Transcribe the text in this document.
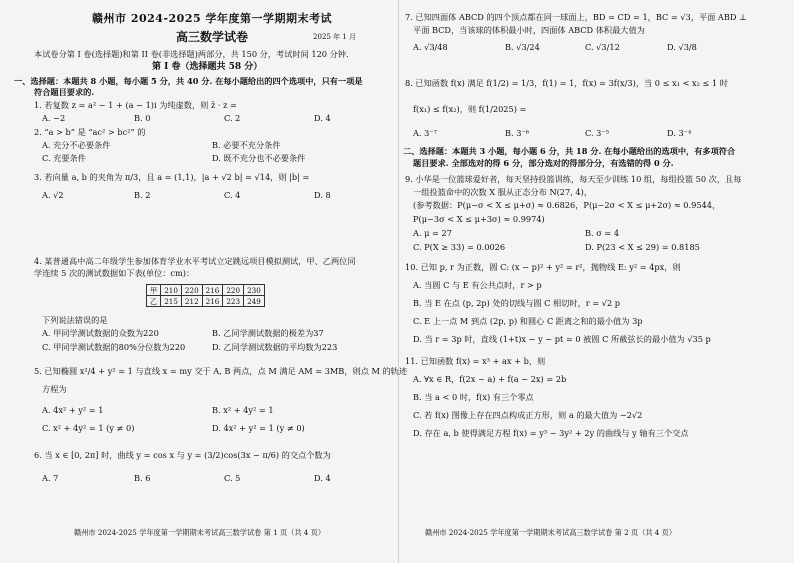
赣州市 2024-2025 学年度第一学期期末考试
高三数学试卷	2025 年 1 月
本试卷分第 I 卷(选择题)和第 II 卷(非选择题)两部分，共 150 分，考试时间 120 分钟.
第 I 卷（选择题共 58 分）
一、选择题：本题共 8 小题，每小题 5 分，共 40 分. 在每小题给出的四个选项中，只有一项是
符合题目要求的.
1. 若复数 z = a² − 1 + (a − 1)i 为纯虚数，则 z̄ · z =
A. −2	B. 0	C. 2	D. 4
2. “a > b” 是 “ac² > bc²” 的
A. 充分不必要条件	B. 必要不充分条件
C. 充要条件	D. 既不充分也不必要条件
3. 若向量 a, b 的夹角为 π/3，且 a = (1,1)，|a + √2 b| = √14，则 |b| =
A. √2	B. 2	C. 4	D. 8
4. 某普通高中高二年级学生参加体育学业水平考试立定跳远项目模拟测试，甲、乙两位同
学连续 5 次的测试数据如下表(单位：cm)：
甲	210	220	216	220	230
乙	215	212	216	223	249
下列说法错误的是
A. 甲同学测试数据的众数为220	B. 乙同学测试数据的极差为37
C. 甲同学测试数据的80%分位数为220	D. 乙同学测试数据的平均数为223
5. 已知椭圆 x²/4 + y² = 1 与直线 x = my 交于 A, B 两点，点 M 满足 AM = 3MB，则点 M 的轨迹
方程为
A. 4x² + y² = 1	B. x² + 4y² = 1
C. x² + 4y² = 1 (y ≠ 0)	D. 4x² + y² = 1 (y ≠ 0)
6. 当 x ∈ [0, 2π] 时，曲线 y = cos x 与 y = (3/2)cos(3x − π/6) 的交点个数为
A. 7	B. 6	C. 5	D. 4
赣州市 2024-2025 学年度第一学期期末考试高三数学试卷 第 1 页（共 4 页）
7. 已知四面体 ABCD 的四个顶点都在同一球面上，BD = CD = 1，BC = √3，平面 ABD ⊥
平面 BCD，当该球的体积最小时，四面体 ABCD 体积最大值为
A. √3/48	B. √3/24	C. √3/12	D. √3/8
8. 已知函数 f(x) 满足 f(1/2) = 1/3，f(1) = 1，f(x) = 3f(x/3)，当 0 ≤ x₁ < x₂ ≤ 1 时
f(x₁) ≤ f(x₂)，则 f(1/2025) =
A. 3⁻⁷	B. 3⁻⁶	C. 3⁻⁵	D. 3⁻⁴
二、选择题：本题共 3 小题，每小题 6 分，共 18 分. 在每小题给出的选项中，有多项符合
题目要求. 全部选对的得 6 分，部分选对的得部分分，有选错的得 0 分.
9. 小华是一位篮球爱好者，每天坚持投篮训练，每天至少训练 10 组，每组投篮 50 次，且每
一组投篮命中的次数 X 服从正态分布 N(27, 4)，
(参考数据：P(μ−σ < X ≤ μ+σ) ≈ 0.6826，P(μ−2σ < X ≤ μ+2σ) ≈ 0.9544，
P(μ−3σ < X ≤ μ+3σ) ≈ 0.9974)
A. μ = 27	B. σ = 4
C. P(X ≥ 33) = 0.0026	D. P(23 < X ≤ 29) = 0.8185
10. 已知 p, r 为正数，圆 C: (x − p)² + y² = r²，抛物线 E: y² = 4px，则
A. 当圆 C 与 E 有公共点时，r > p
B. 当 E 在点 (p, 2p) 处的切线与圆 C 相切时，r = √2 p
C. E 上一点 M 到点 (2p, p) 和圆心 C 距离之和的最小值为 3p
D. 当 r = 3p 时，直线 (1+t)x − y − pt = 0 被圆 C 所截弦长的最小值为 √35 p
11. 已知函数 f(x) = x³ + ax + b，则
A. ∀x ∈ R，f(2x − a) + f(a − 2x) = 2b
B. 当 a < 0 时，f(x) 有三个零点
C. 若 f(x) 图像上存在四点构成正方形，则 a 的最大值为 −2√2
D. 存在 a, b 使得满足方程 f(x) = y³ − 3y² + 2y 的曲线与 y 轴有三个交点
赣州市 2024-2025 学年度第一学期期末考试高三数学试卷 第 2 页（共 4 页）
